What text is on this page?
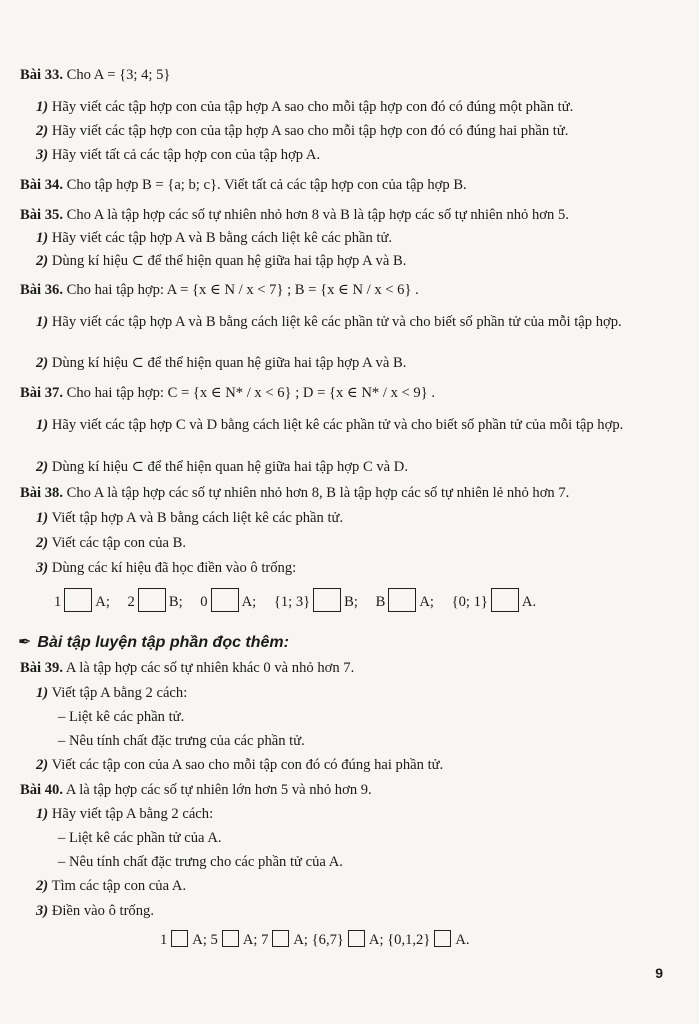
Bài 33. Cho A = {3; 4; 5}
1) Hãy viết các tập hợp con của tập hợp A sao cho mỗi tập hợp con đó có đúng một phần tử.
2) Hãy viết các tập hợp con của tập hợp A sao cho mỗi tập hợp con đó có đúng hai phần tử.
3) Hãy viết tất cả các tập hợp con của tập hợp A.
Bài 34. Cho tập hợp B = {a; b; c}. Viết tất cả các tập hợp con của tập hợp B.
Bài 35. Cho A là tập hợp các số tự nhiên nhỏ hơn 8 và B là tập hợp các số tự nhiên nhỏ hơn 5.
1) Hãy viết các tập hợp A và B bằng cách liệt kê các phần tử.
2) Dùng kí hiệu ⊂ để thể hiện quan hệ giữa hai tập hợp A và B.
Bài 36. Cho hai tập hợp: A = {x ∈ N / x < 7} ; B = {x ∈ N / x < 6} .
1) Hãy viết các tập hợp A và B bằng cách liệt kê các phần tử và cho biết số phần tử của mỗi tập hợp.
2) Dùng kí hiệu ⊂ để thể hiện quan hệ giữa hai tập hợp A và B.
Bài 37. Cho hai tập hợp: C = {x ∈ N* / x < 6} ; D = {x ∈ N* / x < 9} .
1) Hãy viết các tập hợp C và D bằng cách liệt kê các phần tử và cho biết số phần tử của mỗi tập hợp.
2) Dùng kí hiệu ⊂ để thể hiện quan hệ giữa hai tập hợp C và D.
Bài 38. Cho A là tập hợp các số tự nhiên nhỏ hơn 8, B là tập hợp các số tự nhiên lẻ nhỏ hơn 7.
1) Viết tập hợp A và B bằng cách liệt kê các phần tử.
2) Viết các tập con của B.
3) Dùng các kí hiệu đã học điền vào ô trống:
1 A; 2 B; 0 A; {1; 3} B; B A; {0; 1} A.
✒ Bài tập luyện tập phần đọc thêm:
Bài 39. A là tập hợp các số tự nhiên khác 0 và nhỏ hơn 7.
1) Viết tập A bằng 2 cách:
– Liệt kê các phần tử.
– Nêu tính chất đặc trưng của các phần tử.
2) Viết các tập con của A sao cho mỗi tập con đó có đúng hai phần tử.
Bài 40. A là tập hợp các số tự nhiên lớn hơn 5 và nhỏ hơn 9.
1) Hãy viết tập A bằng 2 cách:
– Liệt kê các phần tử của A.
– Nêu tính chất đặc trưng cho các phần tử của A.
2) Tìm các tập con của A.
3) Điền vào ô trống.
1 A; 5 A; 7 A; {6,7} A; {0,1,2} A.
9
